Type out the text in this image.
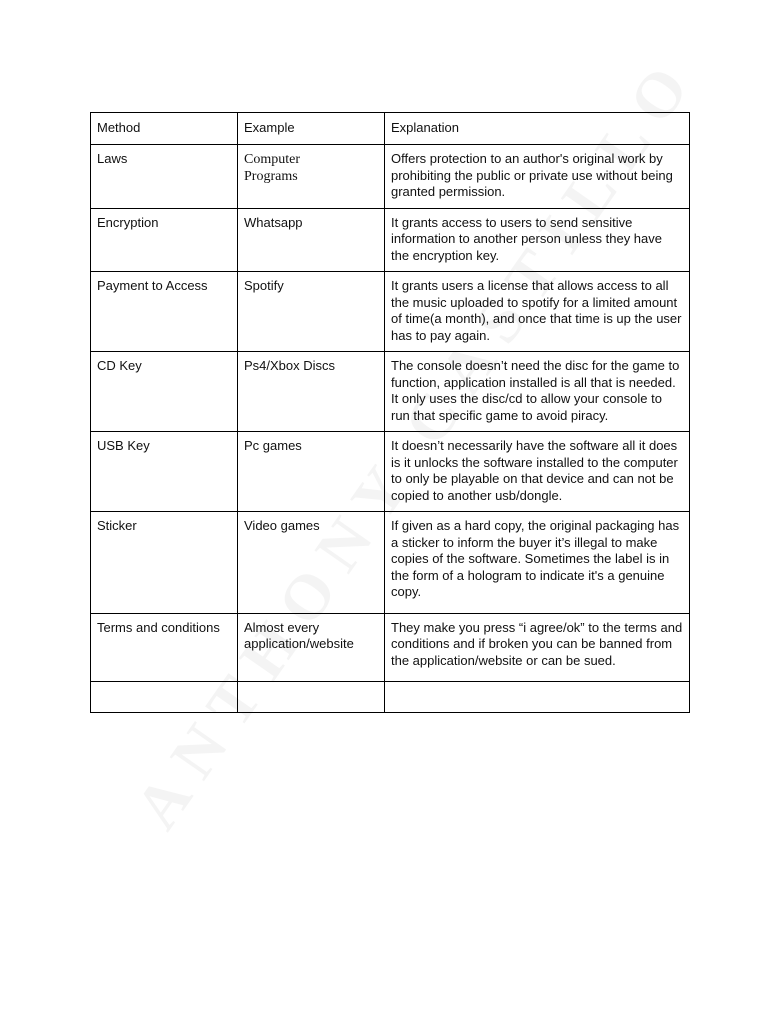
Method	Example	Explanation
Laws	Computer Programs	Offers protection to an author's original work by prohibiting the public or private use without being granted permission.
Encryption	Whatsapp	It grants access to users to send sensitive information to another person unless they have the encryption key.
Payment to Access	Spotify	It grants users a license that allows access to all the music uploaded to spotify for a limited amount of time(a month), and once that time is up the user has to pay again.
CD Key	Ps4/Xbox Discs	The console doesn’t need the disc for the game to function, application installed is all that is needed. It only uses the disc/cd to allow your console to run that specific game to avoid piracy.
USB Key	Pc games	It doesn’t necessarily have the software all it does is it unlocks the software installed to the computer to only be playable on that device and can not be copied to another usb/dongle.
Sticker	Video games	If given as a hard copy, the original packaging has a sticker to inform the buyer it’s illegal to make copies of the software. Sometimes the label is in the form of a hologram to indicate it's a genuine copy.
Terms and conditions	Almost every application/website	They make you press “i agree/ok” to the terms and conditions and if broken you can be banned from the application/website or can be sued.
